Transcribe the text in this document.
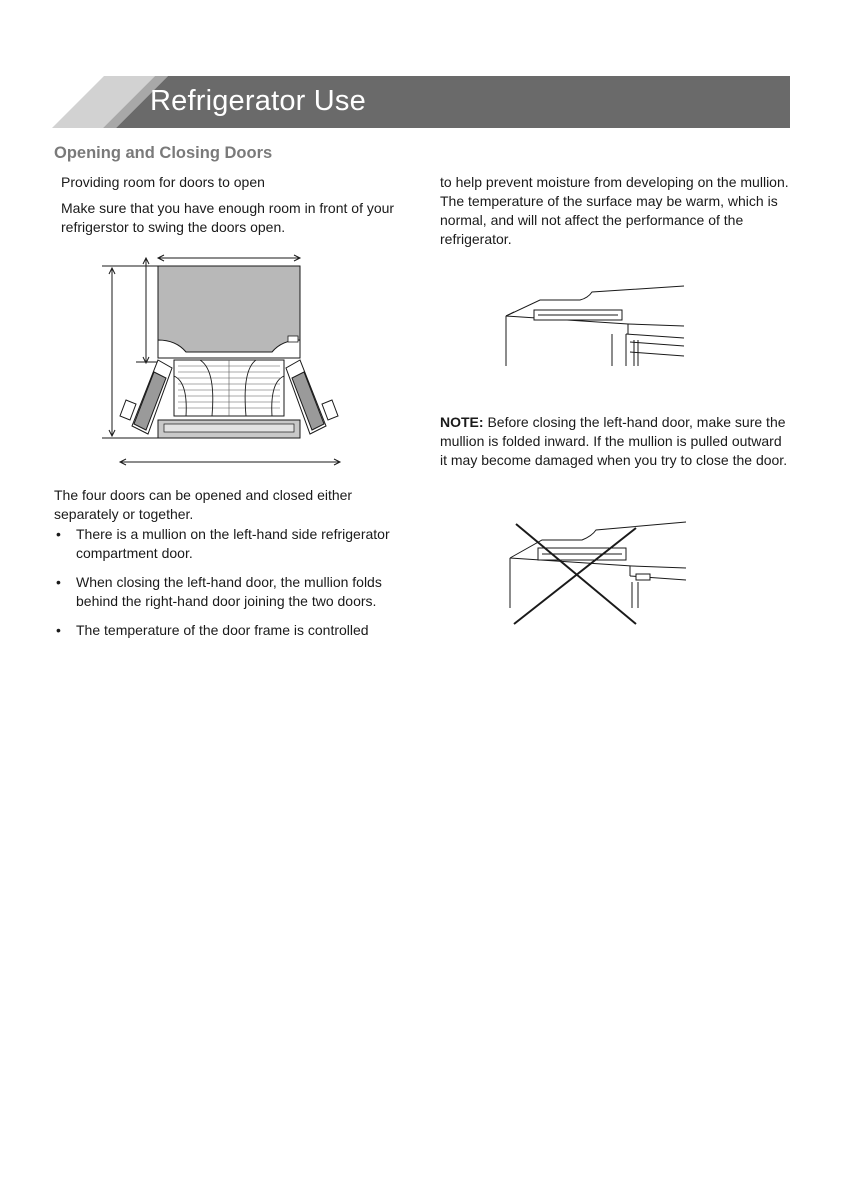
Refrigerator Use
Opening and Closing Doors
Providing room for doors to open
Make sure that you have enough room in front of your refrigerstor to swing the doors open.
The four doors can be opened and closed either separately or together.
• There is a mullion on the left-hand side refrigerator compartment door.
• When closing the left-hand door, the mullion folds behind the right-hand door joining the two doors.
• The temperature of the door frame is controlled
to help prevent moisture from developing on the mullion. The temperature of the surface may be warm, which is normal, and will not affect the performance of the refrigerator.
NOTE: Before closing the left-hand door, make sure the mullion is folded inward. If the mullion is pulled outward it may become damaged when you try to close the door.
